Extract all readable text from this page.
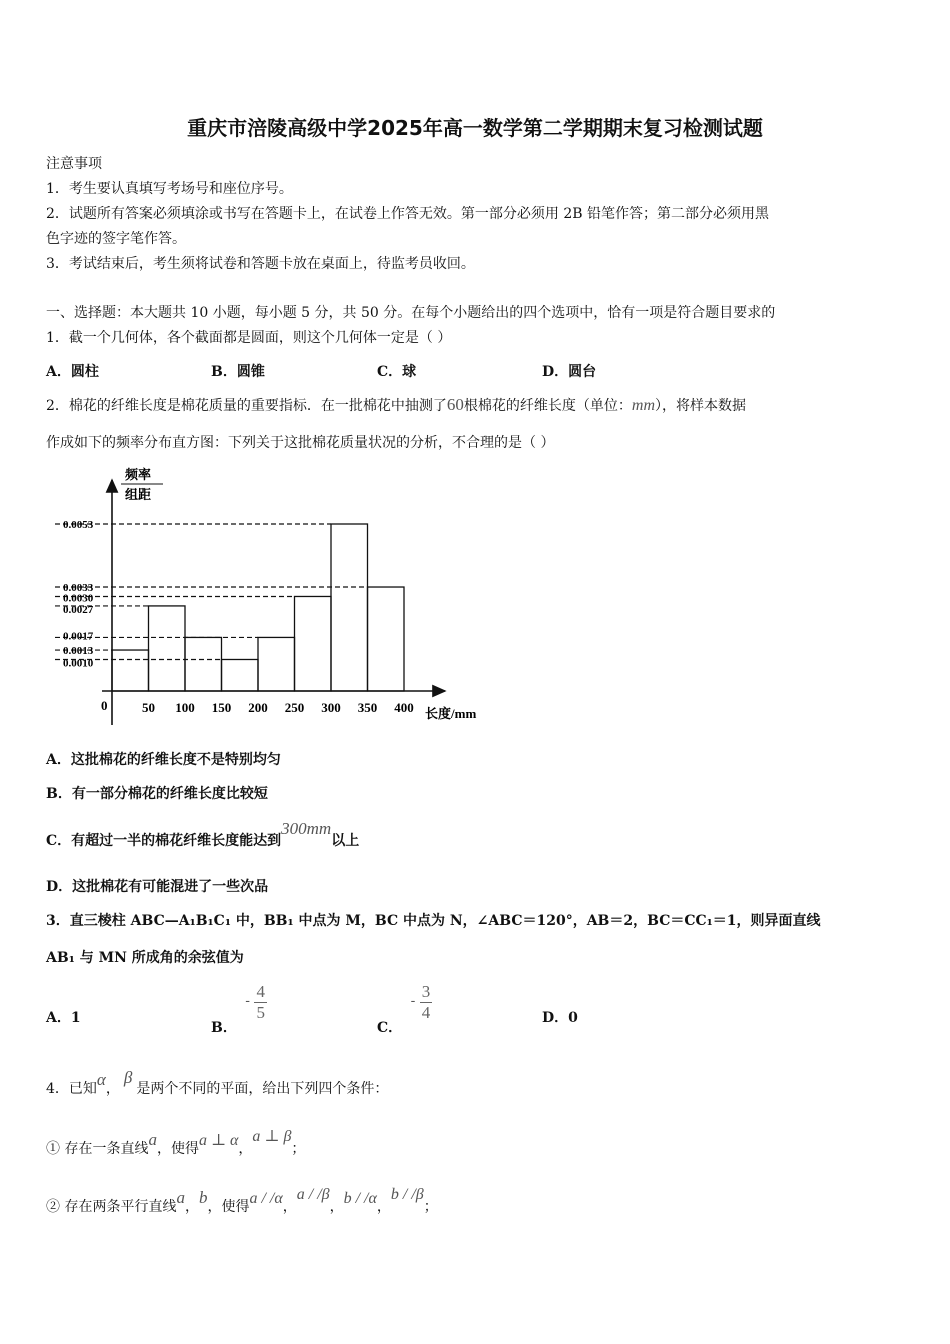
重庆市涪陵高级中学2025年高一数学第二学期期末复习检测试题
注意事项
1．考生要认真填写考场号和座位序号。
2．试题所有答案必须填涂或书写在答题卡上，在试卷上作答无效。第一部分必须用 2B 铅笔作答；第二部分必须用黑
色字迹的签字笔作答。
3．考试结束后，考生须将试卷和答题卡放在桌面上，待监考员收回。
一、选择题：本大题共 10 小题，每小题 5 分，共 50 分。在每个小题给出的四个选项中，恰有一项是符合题目要求的
1．截一个几何体，各个截面都是圆面，则这个几何体一定是（ ）
A．圆柱	B．圆锥	C．球	D．圆台
2．棉花的纤维长度是棉花质量的重要指标．在一批棉花中抽测了60根棉花的纤维长度（单位：mm），将样本数据
作成如下的频率分布直方图：下列关于这批棉花质量状况的分析，不合理的是（ ）
频率
组距
0
长度/mm
50 100 150 200 250 300 350 400
0.0053
0.0033
0.0030
0.0027
0.0017
0.0013
0.0010
A．这批棉花的纤维长度不是特别均匀
B．有一部分棉花的纤维长度比较短
C．有超过一半的棉花纤维长度能达到300mm以上
D．这批棉花有可能混进了一些次品
3．直三棱柱 ABC—A₁B₁C₁ 中，BB₁ 中点为 M，BC 中点为 N，∠ABC＝120°，AB＝2，BC＝CC₁＝1，则异面直线
AB₁ 与 MN 所成角的余弦值为
A．1
B． - $\frac{4}{5}$
C． - $\frac{3}{4}$	D．0
4．已知α，β是两个不同的平面，给出下列四个条件：
① 存在一条直线a，使得a ⊥ α，a ⊥ β；
② 存在两条平行直线a，b，使得a / /α，a / /β，b / /α，b / /β；
